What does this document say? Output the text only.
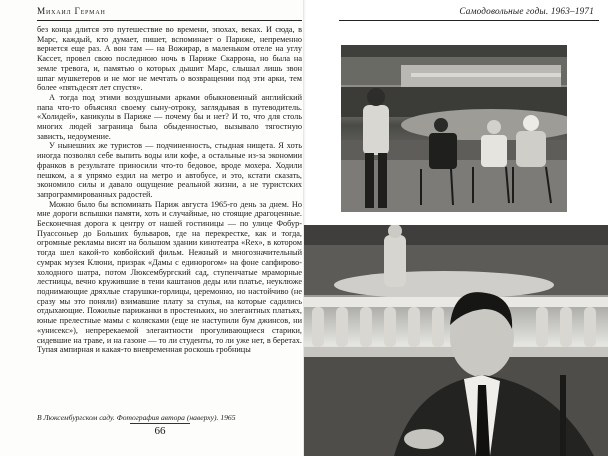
Михаил Герман

без конца длится это путешествие во времени, эпохах, веках. И сюда, в Марс, каждый, кто думает, пишет, вспоминает о Париже, непременно вернется еще раз. А вон там — на Вожирар, в маленьком отеле на углу Кассет, провел свою последнюю ночь в Париже Скарронa, но была на земле тревога, и, памятью о которых дышит Марс, слышал лишь звон шпаг мушкетеров и не мог не мечтать о возвращении под эти арки, тем более «пятьдесят лет спустя».

А тогда под этими воздушными арками обыкновенный английский папа что-то объяснял своему сыну-отроку, заглядывая в путеводитель. «Холидей», каникулы в Париже — почему бы и нет? И то, что для столь многих людей заграница была обыденностью, вызывало тягостную зависть, недоумение.

У нынешних же туристов — подчиненность, стыдная нищета. Я хоть иногда позволял себе выпить воды или кофе, а остальные из-за экономии франков в результате приносили что-то бедовое, вроде мохера. Ходили пешком, а я упрямо ездил на метро и автобусе, и это, кстати сказать, экономило силы и давало ощущение реальной жизни, а не туристских запрограммированных радостей.

Можно было бы вспоминать Париж августа 1965-го день за днем. Но мне дороги вспышки памяти, хоть и случайные, но стоящие драгоценные. Бесконечная дорога к центру от нашей гостиницы — по улице Фобур-Пуассоньер до Больших бульваров, где на перекрестке, как и тогда, огромные рекламы висят на большом здании кинотеатра «Rex», в котором тогда шел какой-то ковбойский фильм. Нежный и многозначительный сумрак музея Клюни, призрак «Дамы с единорогом» на фоне сапфирово-холодного шатра, потом Люксембургский сад, ступенчатые мраморные лестницы, вечно кружившие в тени каштанов деды или платье, неуклюже поднимающие дряхлые старушки-горлицы, церемонно, но настойчиво (не сразу мы это поняли) взимавшие плату за стулья, на которые садились отдыхающие. Пожилые парижанки в простеньких, но элегантных платьях, юные прелестные мамы с колясками (еще не наступили бум джинсов, ни «унисекс»), непререкаемой элегантности прогуливающиеся старики, сидевшие на траве, и на газоне — то ли студенты, то ли уже нет, в беретах. Тупая ампирная и какая-то вневременная роскошь гробницы

В Люксембургском саду. Фотография автора (наверху). 1965
66
Самодовольные годы. 1963–1971
